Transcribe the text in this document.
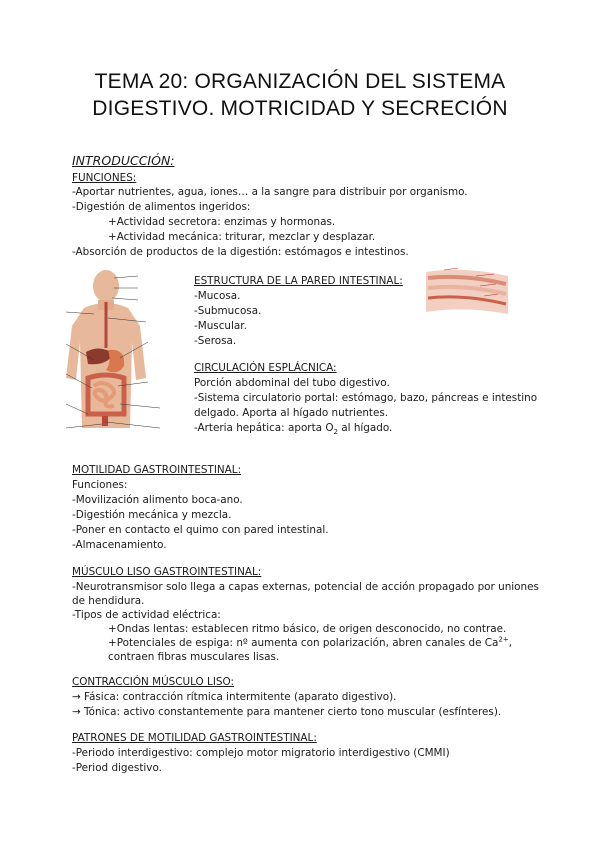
TEMA 20: ORGANIZACIÓN DEL SISTEMA
DIGESTIVO. MOTRICIDAD Y SECRECIÓN
INTRODUCCIÓN:
FUNCIONES:
-Aportar nutrientes, agua, iones… a la sangre para distribuir por organismo.
-Digestión de alimentos ingeridos:
+Actividad secretora: enzimas y hormonas.
+Actividad mecánica: triturar, mezclar y desplazar.
-Absorción de productos de la digestión: estómagos e intestinos.
ESTRUCTURA DE LA PARED INTESTINAL:
-Mucosa.
-Submucosa.
-Muscular.
-Serosa.
CIRCULACIÓN ESPLÁCNICA:
Porción abdominal del tubo digestivo.
-Sistema circulatorio portal: estómago, bazo, páncreas e intestino
delgado. Aporta al hígado nutrientes.
-Arteria hepática: aporta $O_2$ al hígado.
MOTILIDAD GASTROINTESTINAL:
Funciones:
-Movilización alimento boca-ano.
-Digestión mecánica y mezcla.
-Poner en contacto el quimo con pared intestinal.
-Almacenamiento.
MÚSCULO LISO GASTROINTESTINAL:
-Neurotransmisor solo llega a capas externas, potencial de acción propagado por uniones
de hendidura.
-Tipos de actividad eléctrica:
+Ondas lentas: establecen ritmo básico, de origen desconocido, no contrae.
+Potenciales de espiga: nº aumenta con polarización, abren canales de $Ca^{2+}$,
contraen fibras musculares lisas.
CONTRACCIÓN MÚSCULO LISO:
→ Fásica: contracción rítmica intermitente (aparato digestivo).
→ Tónica: activo constantemente para mantener cierto tono muscular (esfínteres).
PATRONES DE MOTILIDAD GASTROINTESTINAL:
-Periodo interdigestivo: complejo motor migratorio interdigestivo (CMMI)
-Period digestivo.
